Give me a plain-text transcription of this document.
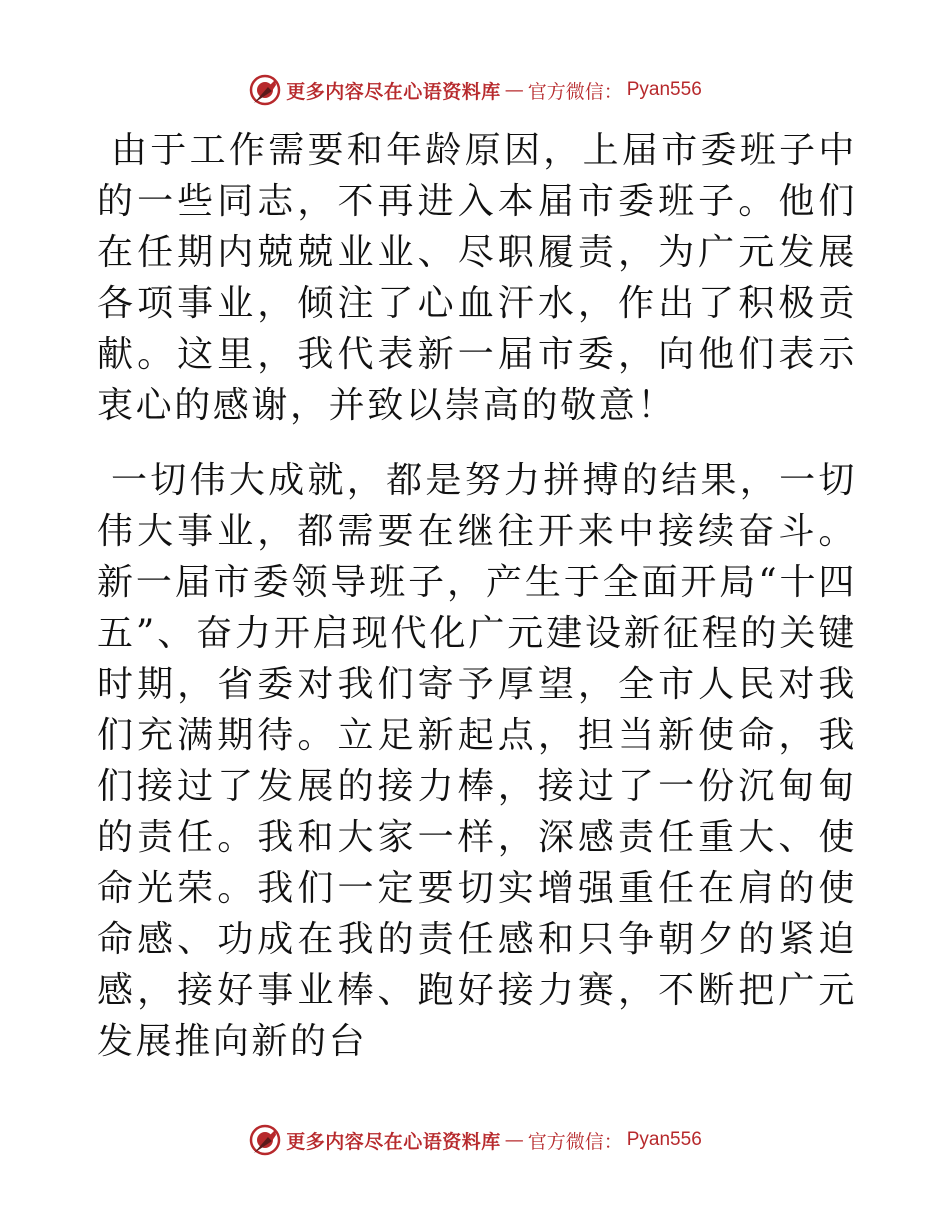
更多内容尽在心语资料库 — 官方微信： Pyan556

由于工作需要和年龄原因，上届市委班子中的一些同志，不再进入本届市委班子。他们在任期内兢兢业业、尽职履责，为广元发展各项事业，倾注了心血汗水，作出了积极贡献。这里，我代表新一届市委，向他们表示衷心的感谢，并致以崇高的敬意！

一切伟大成就，都是努力拼搏的结果，一切伟大事业，都需要在继往开来中接续奋斗。新一届市委领导班子，产生于全面开局“十四五”、奋力开启现代化广元建设新征程的关键时期，省委对我们寄予厚望，全市人民对我们充满期待。立足新起点，担当新使命，我们接过了发展的接力棒，接过了一份沉甸甸的责任。我和大家一样，深感责任重大、使命光荣。我们一定要切实增强重任在肩的使命感、功成在我的责任感和只争朝夕的紧迫感，接好事业棒、跑好接力赛，不断把广元发展推向新的台

更多内容尽在心语资料库 — 官方微信： Pyan556
